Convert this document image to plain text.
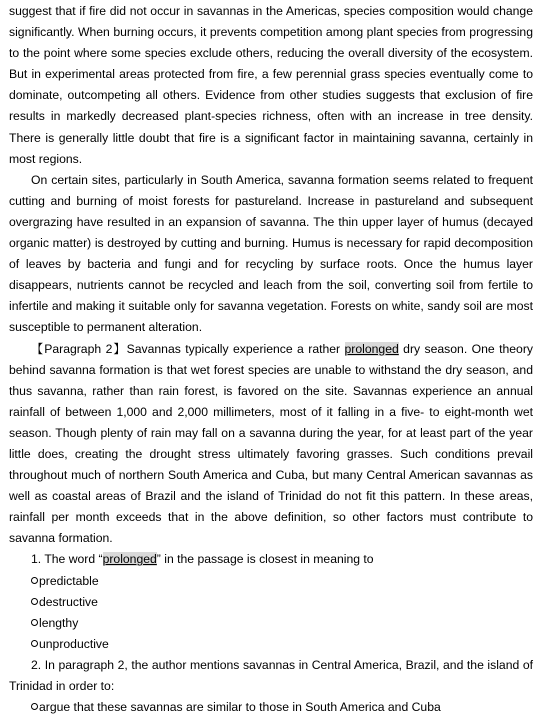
suggest that if fire did not occur in savannas in the Americas, species composition would change significantly. When burning occurs, it prevents competition among plant species from progressing to the point where some species exclude others, reducing the overall diversity of the ecosystem. But in experimental areas protected from fire, a few perennial grass species eventually come to dominate, outcompeting all others. Evidence from other studies suggests that exclusion of fire results in markedly decreased plant-species richness, often with an increase in tree density. There is generally little doubt that fire is a significant factor in maintaining savanna, certainly in most regions.

On certain sites, particularly in South America, savanna formation seems related to frequent cutting and burning of moist forests for pastureland. Increase in pastureland and subsequent overgrazing have resulted in an expansion of savanna. The thin upper layer of humus (decayed organic matter) is destroyed by cutting and burning. Humus is necessary for rapid decomposition of leaves by bacteria and fungi and for recycling by surface roots. Once the humus layer disappears, nutrients cannot be recycled and leach from the soil, converting soil from fertile to infertile and making it suitable only for savanna vegetation. Forests on white, sandy soil are most susceptible to permanent alteration.

【Paragraph 2】Savannas typically experience a rather prolonged dry season. One theory behind savanna formation is that wet forest species are unable to withstand the dry season, and thus savanna, rather than rain forest, is favored on the site. Savannas experience an annual rainfall of between 1,000 and 2,000 millimeters, most of it falling in a five- to eight-month wet season. Though plenty of rain may fall on a savanna during the year, for at least part of the year little does, creating the drought stress ultimately favoring grasses. Such conditions prevail throughout much of northern South America and Cuba, but many Central American savannas as well as coastal areas of Brazil and the island of Trinidad do not fit this pattern. In these areas, rainfall per month exceeds that in the above definition, so other factors must contribute to savanna formation.

1. The word “prolonged” in the passage is closest in meaning to

predictable
destructive
lengthy
unproductive

2. In paragraph 2, the author mentions savannas in Central America, Brazil, and the island of Trinidad in order to:

argue that these savannas are similar to those in South America and Cuba
